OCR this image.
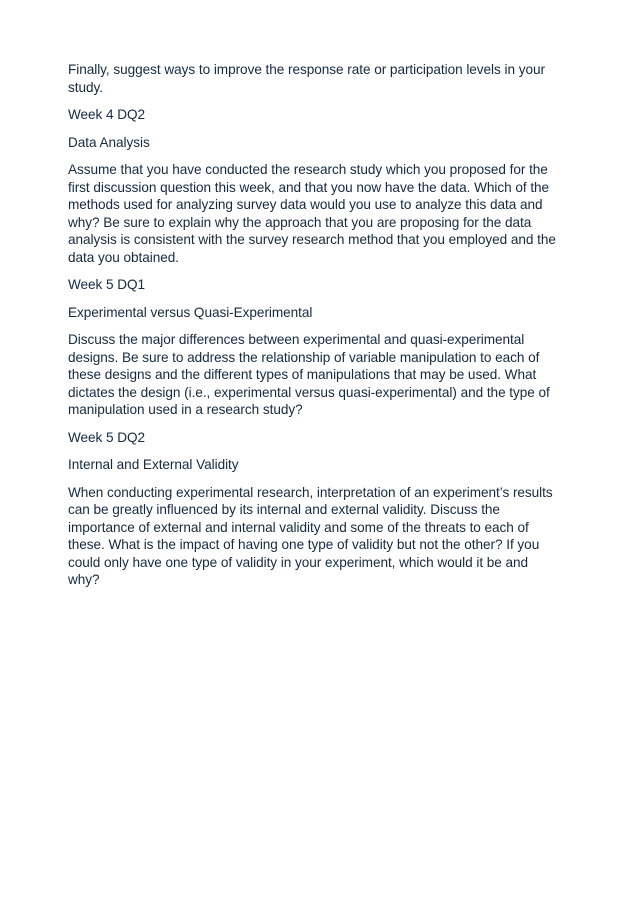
Finally, suggest ways to improve the response rate or participation levels in your
study.

Week 4 DQ2

Data Analysis

Assume that you have conducted the research study which you proposed for the
first discussion question this week, and that you now have the data. Which of the
methods used for analyzing survey data would you use to analyze this data and
why? Be sure to explain why the approach that you are proposing for the data
analysis is consistent with the survey research method that you employed and the
data you obtained.

Week 5 DQ1

Experimental versus Quasi-Experimental

Discuss the major differences between experimental and quasi-experimental
designs. Be sure to address the relationship of variable manipulation to each of
these designs and the different types of manipulations that may be used. What
dictates the design (i.e., experimental versus quasi-experimental) and the type of
manipulation used in a research study?

Week 5 DQ2

Internal and External Validity

When conducting experimental research, interpretation of an experiment’s results
can be greatly influenced by its internal and external validity. Discuss the
importance of external and internal validity and some of the threats to each of
these. What is the impact of having one type of validity but not the other? If you
could only have one type of validity in your experiment, which would it be and
why?
